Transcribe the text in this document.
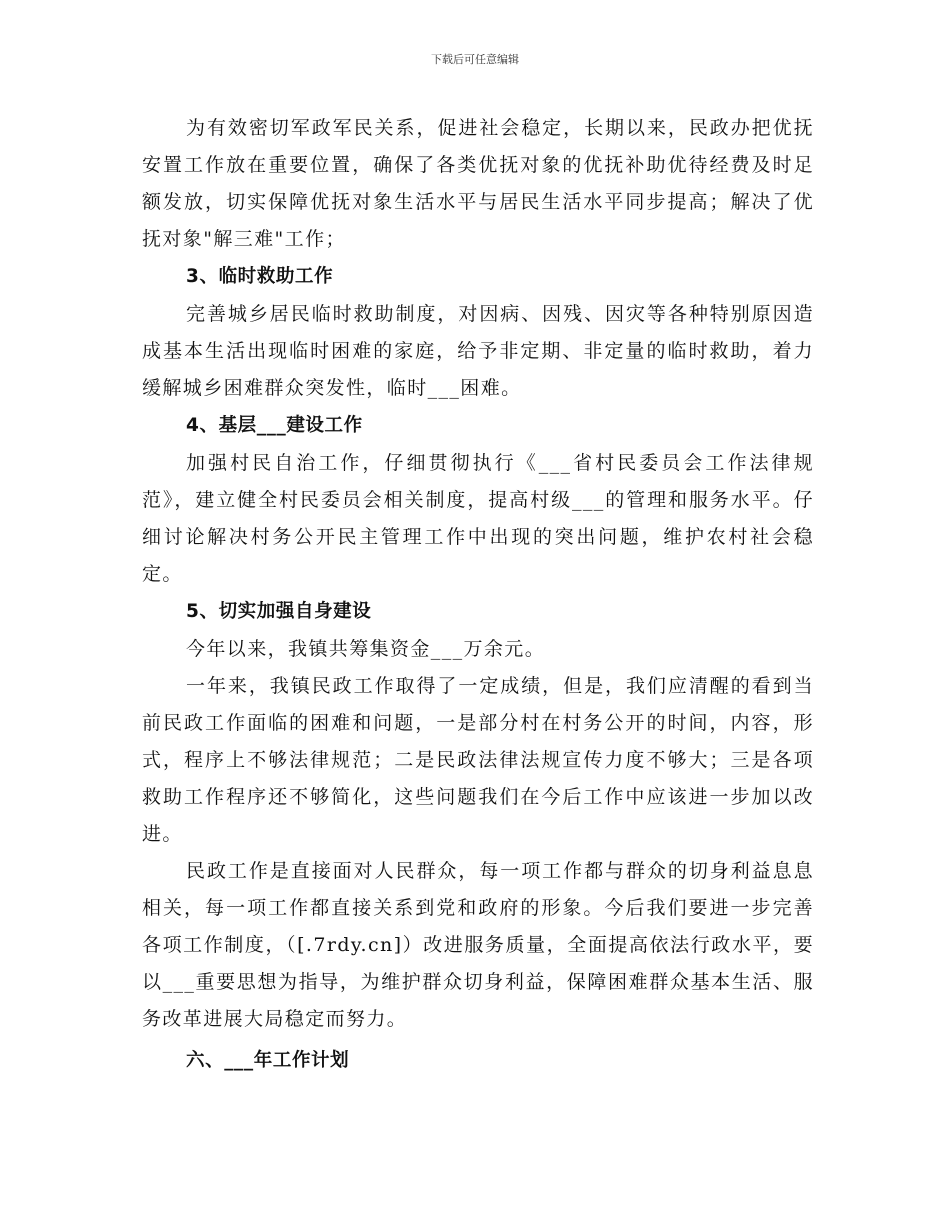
下载后可任意编辑

为有效密切军政军民关系，促进社会稳定，长期以来，民政办把优抚安置工作放在重要位置，确保了各类优抚对象的优抚补助优待经费及时足额发放，切实保障优抚对象生活水平与居民生活水平同步提高；解决了优抚对象"解三难"工作；

3、临时救助工作

完善城乡居民临时救助制度，对因病、因残、因灾等各种特别原因造成基本生活出现临时困难的家庭，给予非定期、非定量的临时救助，着力缓解城乡困难群众突发性，临时___困难。

4、基层___建设工作

加强村民自治工作，仔细贯彻执行《___省村民委员会工作法律规范》，建立健全村民委员会相关制度，提高村级___的管理和服务水平。仔细讨论解决村务公开民主管理工作中出现的突出问题，维护农村社会稳定。

5、切实加强自身建设

今年以来，我镇共筹集资金___万余元。

一年来，我镇民政工作取得了一定成绩，但是，我们应清醒的看到当前民政工作面临的困难和问题，一是部分村在村务公开的时间，内容，形式，程序上不够法律规范；二是民政法律法规宣传力度不够大；三是各项救助工作程序还不够简化，这些问题我们在今后工作中应该进一步加以改进。

民政工作是直接面对人民群众，每一项工作都与群众的切身利益息息相关，每一项工作都直接关系到党和政府的形象。今后我们要进一步完善各项工作制度，（[.7rdy.cn]）改进服务质量，全面提高依法行政水平，要以___重要思想为指导，为维护群众切身利益，保障困难群众基本生活、服务改革进展大局稳定而努力。

六、___年工作计划
